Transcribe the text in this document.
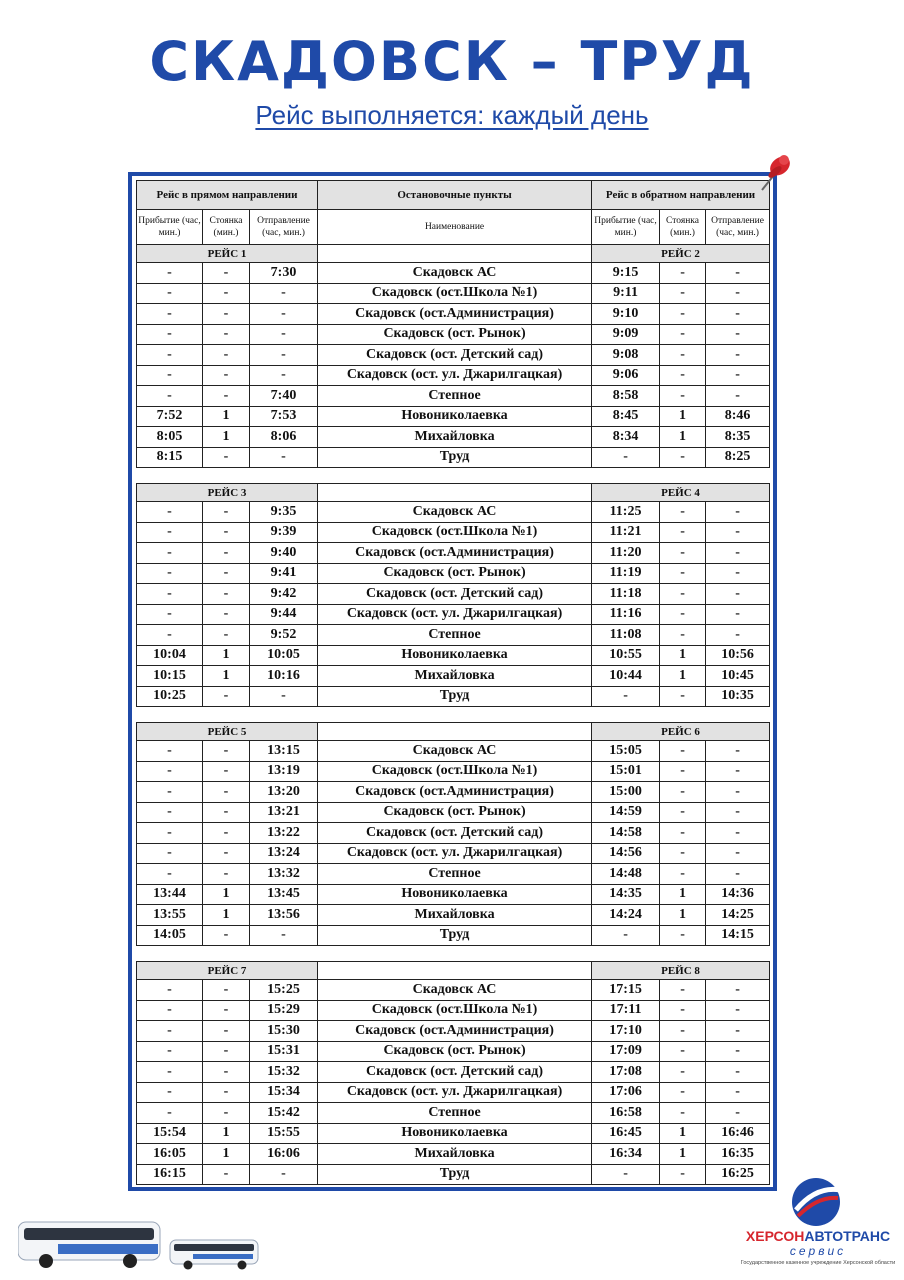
СКАДОВСК – ТРУД
Рейс выполняется: каждый день
Рейс в прямом направлении			Остановочные пункты	Рейс в обратном направлении		
Прибытие (час, мин.)	Стоянка (мин.)	Отправление (час, мин.)	Наименование	Прибытие (час, мин.)	Стоянка (мин.)	Отправление (час, мин.)
РЕЙС 1				РЕЙС 2		
-	-	7:30	Скадовск АС	9:15	-	-
-	-	-	Скадовск (ост.Школа №1)	9:11	-	-
-	-	-	Скадовск (ост.Администрация)	9:10	-	-
-	-	-	Скадовск (ост. Рынок)	9:09	-	-
-	-	-	Скадовск (ост. Детский сад)	9:08	-	-
-	-	-	Скадовск (ост. ул. Джарилгацкая)	9:06	-	-
-	-	7:40	Степное	8:58	-	-
7:52	1	7:53	Новониколаевка	8:45	1	8:46
8:05	1	8:06	Михайловка	8:34	1	8:35
8:15	-	-	Труд	-	-	8:25

РЕЙС 3				РЕЙС 4		
-	-	9:35	Скадовск АС	11:25	-	-
-	-	9:39	Скадовск (ост.Школа №1)	11:21	-	-
-	-	9:40	Скадовск (ост.Администрация)	11:20	-	-
-	-	9:41	Скадовск (ост. Рынок)	11:19	-	-
-	-	9:42	Скадовск (ост. Детский сад)	11:18	-	-
-	-	9:44	Скадовск (ост. ул. Джарилгацкая)	11:16	-	-
-	-	9:52	Степное	11:08	-	-
10:04	1	10:05	Новониколаевка	10:55	1	10:56
10:15	1	10:16	Михайловка	10:44	1	10:45
10:25	-	-	Труд	-	-	10:35

РЕЙС 5				РЕЙС 6		
-	-	13:15	Скадовск АС	15:05	-	-
-	-	13:19	Скадовск (ост.Школа №1)	15:01	-	-
-	-	13:20	Скадовск (ост.Администрация)	15:00	-	-
-	-	13:21	Скадовск (ост. Рынок)	14:59	-	-
-	-	13:22	Скадовск (ост. Детский сад)	14:58	-	-
-	-	13:24	Скадовск (ост. ул. Джарилгацкая)	14:56	-	-
-	-	13:32	Степное	14:48	-	-
13:44	1	13:45	Новониколаевка	14:35	1	14:36
13:55	1	13:56	Михайловка	14:24	1	14:25
14:05	-	-	Труд	-	-	14:15

РЕЙС 7				РЕЙС 8		
-	-	15:25	Скадовск АС	17:15	-	-
-	-	15:29	Скадовск (ост.Школа №1)	17:11	-	-
-	-	15:30	Скадовск (ост.Администрация)	17:10	-	-
-	-	15:31	Скадовск (ост. Рынок)	17:09	-	-
-	-	15:32	Скадовск (ост. Детский сад)	17:08	-	-
-	-	15:34	Скадовск (ост. ул. Джарилгацкая)	17:06	-	-
-	-	15:42	Степное	16:58	-	-
15:54	1	15:55	Новониколаевка	16:45	1	16:46
16:05	1	16:06	Михайловка	16:34	1	16:35
16:15	-	-	Труд	-	-	16:25
ХЕРСОНАВТОТРАНС
сервис
Государственное казенное учреждение Херсонской области
